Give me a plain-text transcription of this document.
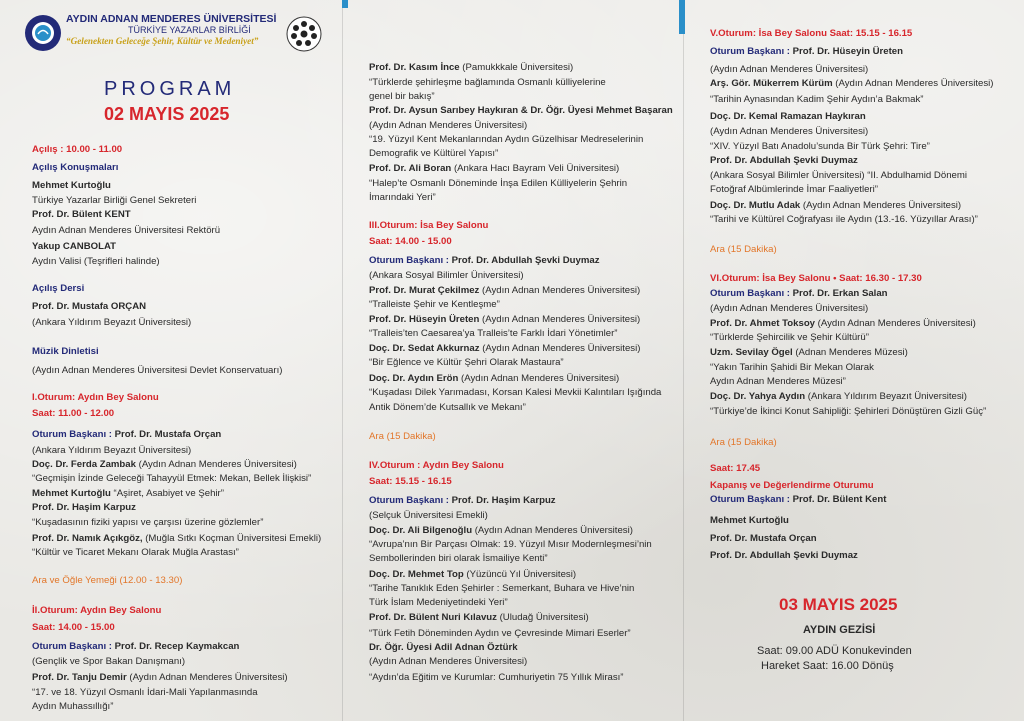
AYDIN ADNAN MENDERES ÜNİVERSİTESİ
TÜRKİYE YAZARLAR BİRLİĞİ
“Gelenekten Geleceğe Şehir, Kültür ve Medeniyet”
PROGRAM
02 MAYIS 2025
Açılış : 10.00 - 11.00
Açılış Konuşmaları
Mehmet Kurtoğlu
Türkiye Yazarlar Birliği Genel Sekreteri
Prof. Dr. Bülent KENT
Aydın Adnan Menderes Üniversitesi Rektörü
Yakup CANBOLAT
Aydın Valisi (Teşrifleri halinde)
Açılış Dersi
Prof. Dr. Mustafa ORÇAN
(Ankara Yıldırım Beyazıt Üniversitesi)
Müzik Dinletisi
(Aydın Adnan Menderes Üniversitesi Devlet Konservatuarı)
I.Oturum: Aydın Bey Salonu
Saat: 11.00 - 12.00
Oturum Başkanı : Prof. Dr. Mustafa Orçan
(Ankara Yıldırım Beyazıt Üniversitesi)
Doç. Dr. Ferda Zambak (Aydın Adnan Menderes Üniversitesi)
“Geçmişin İzinde Geleceği Tahayyül Etmek: Mekan, Bellek İlişkisi”
Mehmet Kurtoğlu “Aşiret, Asabiyet ve Şehir”
Prof. Dr. Haşim Karpuz
“Kuşadasının fiziki yapısı ve çarşısı üzerine gözlemler”
Prof. Dr. Namık Açıkgöz, (Muğla Sıtkı Koçman Üniversitesi Emekli)
“Kültür ve Ticaret Mekanı Olarak Muğla Arastası”
Ara ve Öğle Yemeği (12.00 - 13.30)
İI.Oturum: Aydın Bey Salonu
Saat: 14.00 - 15.00
Oturum Başkanı : Prof. Dr. Recep Kaymakcan
(Gençlik ve Spor Bakan Danışmanı)
Prof. Dr. Tanju Demir (Aydın Adnan Menderes Üniversitesi)
“17. ve 18. Yüzyıl Osmanlı İdari-Mali Yapılanmasında
Aydın Muhassıllığı”
Prof. Dr. Kasım İnce (Pamukkkale Üniversitesi)
“Türklerde şehirleşme bağlamında Osmanlı külliyelerine
genel bir bakış”
Prof. Dr. Aysun Sarıbey Haykıran & Dr. Öğr. Üyesi Mehmet Başaran
(Aydın Adnan Menderes Üniversitesi)
“19. Yüzyıl Kent Mekanlarından Aydın Güzelhisar Medreselerinin
Demografik ve Kültürel Yapısı”
Prof. Dr. Ali Boran (Ankara Hacı Bayram Veli Üniversitesi)
“Halep’te Osmanlı Döneminde İnşa Edilen Külliyelerin Şehrin
İmarındaki Yeri”
III.Oturum: İsa Bey Salonu
Saat: 14.00 - 15.00
Oturum Başkanı : Prof. Dr. Abdullah Şevki Duymaz
(Ankara Sosyal Bilimler Üniversitesi)
Prof. Dr. Murat Çekilmez (Aydın Adnan Menderes Üniversitesi)
“Tralleiste Şehir ve Kentleşme”
Prof. Dr. Hüseyin Üreten (Aydın Adnan Menderes Üniversitesi)
“Tralleis’ten Caesarea’ya Tralleis’te Farklı İdari Yönetimler”
Doç. Dr. Sedat Akkurnaz (Aydın Adnan Menderes Üniversitesi)
“Bir Eğlence ve Kültür Şehri Olarak Mastaura”
Doç. Dr. Aydın Erön (Aydın Adnan Menderes Üniversitesi)
“Kuşadası Dilek Yarımadası, Korsan Kalesi Mevkii Kalıntıları Işığında
Antik Dönem’de Kutsallık ve Mekanı”
Ara (15 Dakika)
IV.Oturum : Aydın Bey Salonu
Saat: 15.15 - 16.15
Oturum Başkanı : Prof. Dr. Haşim Karpuz
(Selçuk Üniversitesi Emekli)
Doç. Dr. Ali Bilgenoğlu (Aydın Adnan Menderes Üniversitesi)
“Avrupa’nın Bir Parçası Olmak: 19. Yüzyıl Mısır Modernleşmesi’nin
Sembollerinden biri olarak İsmailiye Kenti”
Doç. Dr. Mehmet Top (Yüzüncü Yıl Üniversitesi)
“Tarihe Tanıklık Eden Şehirler : Semerkant, Buhara ve Hive’nin
Türk İslam Medeniyetindeki Yeri”
Prof. Dr. Bülent Nuri Kılavuz (Uludağ Üniversitesi)
“Türk Fetih Döneminden Aydın ve Çevresinde Mimari Eserler”
Dr. Öğr. Üyesi Adil Adnan Öztürk
(Aydın Adnan Menderes Üniversitesi)
“Aydın’da Eğitim ve Kurumlar: Cumhuriyetin 75 Yıllık Mirası”
V.Oturum: İsa Bey Salonu Saat: 15.15 - 16.15
Oturum Başkanı : Prof. Dr. Hüseyin Üreten
(Aydın Adnan Menderes Üniversitesi)
Arş. Gör. Mükerrem Kürüm (Aydın Adnan Menderes Üniversitesi)
“Tarihin Aynasından Kadim Şehir Aydın’a Bakmak”
Doç. Dr. Kemal Ramazan Haykıran
(Aydın Adnan Menderes Üniversitesi)
“XIV. Yüzyıl Batı Anadolu’sunda Bir Türk Şehri: Tire”
Prof. Dr. Abdullah Şevki Duymaz
(Ankara Sosyal Bilimler Üniversitesi) “II. Abdulhamid Dönemi
Fotoğraf Albümlerinde İmar Faaliyetleri”
Doç. Dr. Mutlu Adak (Aydın Adnan Menderes Üniversitesi)
“Tarihi ve Kültürel Coğrafyası ile Aydın (13.-16. Yüzyıllar Arası)”
Ara (15 Dakika)
VI.Oturum: İsa Bey Salonu • Saat: 16.30 - 17.30
Oturum Başkanı : Prof. Dr. Erkan Salan
(Aydın Adnan Menderes Üniversitesi)
Prof. Dr. Ahmet Toksoy (Aydın Adnan Menderes Üniversitesi)
“Türklerde Şehircilik ve Şehir Kültürü”
Uzm. Sevilay Ögel (Adnan Menderes Müzesi)
“Yakın Tarihin Şahidi Bir Mekan Olarak
Aydın Adnan Menderes Müzesi”
Doç. Dr. Yahya Aydın (Ankara Yıldırım Beyazıt Üniversitesi)
“Türkiye’de İkinci Konut Sahipliği: Şehirleri Dönüştüren Gizli Güç”
Ara (15 Dakika)
Saat: 17.45
Kapanış ve Değerlendirme Oturumu
Oturum Başkanı : Prof. Dr. Bülent Kent
Mehmet Kurtoğlu
Prof. Dr. Mustafa Orçan
Prof. Dr. Abdullah Şevki Duymaz
03 MAYIS 2025
AYDIN GEZİSİ
Saat: 09.00 ADÜ Konukevinden
Hareket Saat: 16.00 Dönüş
